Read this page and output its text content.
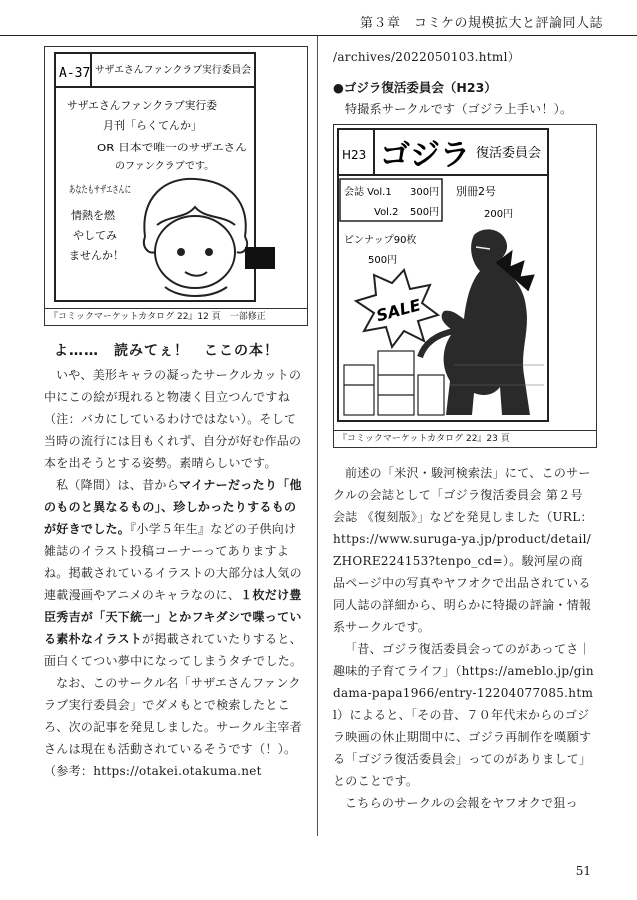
第３章　コミケの規模拡大と評論同人誌
A-37 サザエさんファンクラブ実行委員会
サザエさんファンクラブ実行委
月刊「らくてんか」
OR 日本で唯一のサザエさん
のファンクラブです。
あなたもサザエさんに
情熱を燃
やしてみ
ませんか！
『コミックマーケットカタログ 22』12 頁　一部修正
よ……　読みてぇ！　ここの本！

いや、美形キャラの凝ったサークルカットの中にこの絵が現れると物凄く目立つんですね（注：バカにしているわけではない）。そして当時の流行には目もくれず、自分が好む作品の本を出そうとする姿勢。素晴らしいです。

私（降間）は、昔からマイナーだったり「他のものと異なるもの」、珍しかったりするものが好きでした。『小学５年生』などの子供向け雑誌のイラスト投稿コーナーってありますよね。掲載されているイラストの大部分は人気の連載漫画やアニメのキャラなのに、１枚だけ豊臣秀吉が「天下統一」とかフキダシで喋っている素朴なイラストが掲載されていたりすると、面白くてつい夢中になってしまうタチでした。

なお、このサークル名「サザエさんファンクラブ実行委員会」でダメもとで検索したところ、次の記事を発見しました。サークル主宰者さんは現在も活動されているそうです（！）。（参考：https://otakei.otakuma.net

/archives/2022050103.html）

●ゴジラ復活委員会（H23）

特撮系サークルです（ゴジラ上手い！）。

H23 ゴジラ 復活委員会
会誌 Vol.1 300円
Vol.2 500円
別冊2号
200円
ピンナップ90枚
500円
SALE
『コミックマーケットカタログ 22』23 頁

前述の「米沢・駿河検索法」にて、このサークルの会誌として「ゴジラ復活委員会 第２号会誌 《復刻版》」などを発見しました（URL：https://www.suruga-ya.jp/product/detail/ZHORE224153?tenpo_cd=）。駿河屋の商品ページ中の写真やヤフオクで出品されている同人誌の詳細から、明らかに特撮の評論・情報系サークルです。

「昔、ゴジラ復活委員会ってのがあってさ｜趣味的子育てライフ」（https://ameblo.jp/gindama-papa1966/entry-12204077085.html）によると、「その昔、７０年代末からのゴジラ映画の休止期間中に、ゴジラ再制作を嘆願する「ゴジラ復活委員会」ってのがありまして」とのことです。

こちらのサークルの会報をヤフオクで狙っ

51
